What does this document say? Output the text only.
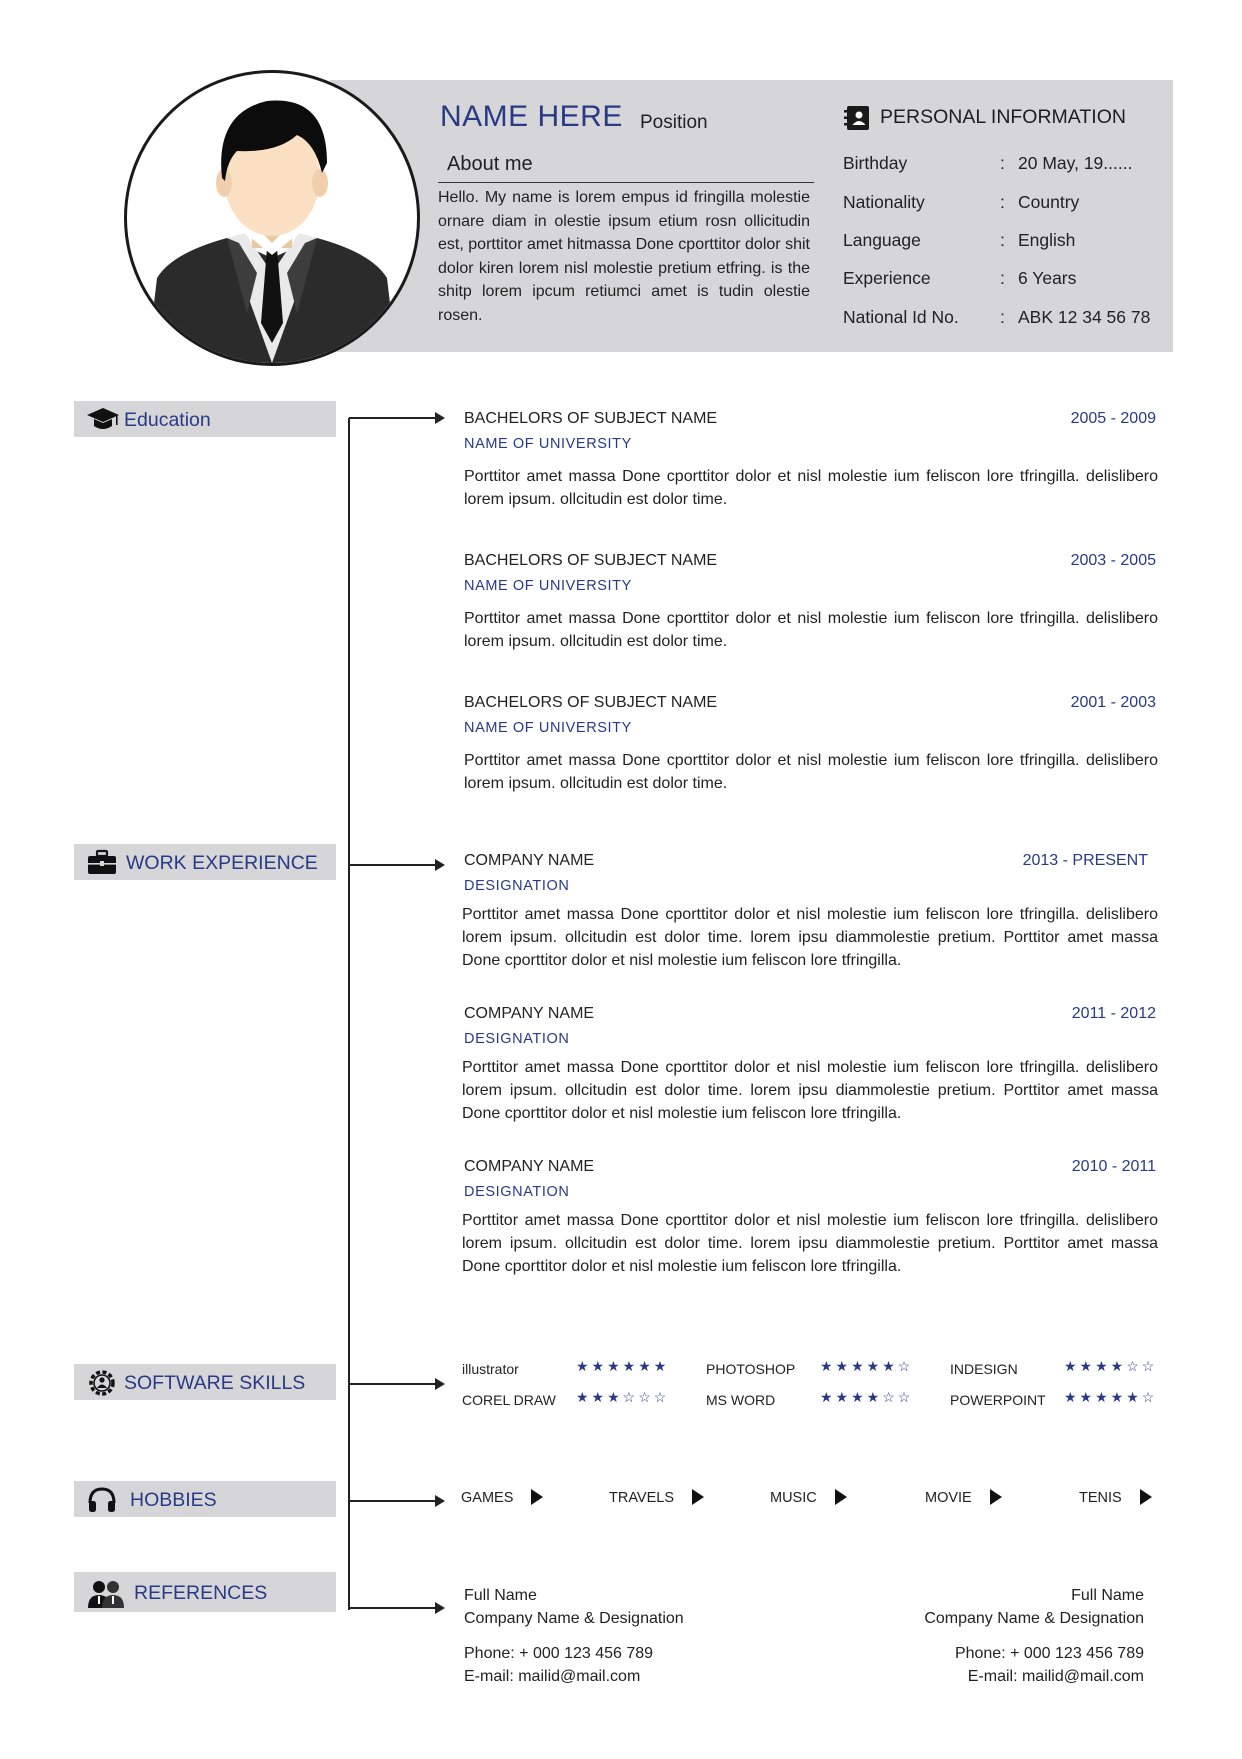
NAME HERE Position
About me
Hello. My name is lorem empus id fringilla molestie ornare diam in olestie ipsum etium rosn ollicitudin est, porttitor amet hitmassa Done cporttitor dolor shit dolor kiren lorem nisl molestie pretium etfring. is the shitp lorem ipcum retiumci amet is tudin olestie rosen.
PERSONAL INFORMATION
Birthday	: 20 May, 19......
Nationality	: Country
Language	: English
Experience	: 6 Years
National Id No. : ABK 12 34 56 78
Education
WORK EXPERIENCE
SOFTWARE SKILLS
HOBBIES
REFERENCES
BACHELORS OF SUBJECT NAME	2005 - 2009
NAME OF UNIVERSITY
Porttitor amet massa Done cporttitor dolor et nisl molestie ium feliscon lore tfringilla. delislibero lorem ipsum. ollcitudin est dolor time.
BACHELORS OF SUBJECT NAME	2003 - 2005
NAME OF UNIVERSITY
Porttitor amet massa Done cporttitor dolor et nisl molestie ium feliscon lore tfringilla. delislibero lorem ipsum. ollcitudin est dolor time.
BACHELORS OF SUBJECT NAME	2001 - 2003
NAME OF UNIVERSITY
Porttitor amet massa Done cporttitor dolor et nisl molestie ium feliscon lore tfringilla. delislibero lorem ipsum. ollcitudin est dolor time.
COMPANY NAME	2013 - PRESENT
DESIGNATION
Porttitor amet massa Done cporttitor dolor et nisl molestie ium feliscon lore tfringilla. delislibero lorem ipsum. ollcitudin est dolor time. lorem ipsu diammolestie pretium. Porttitor amet massa Done cporttitor dolor et nisl molestie ium feliscon lore tfringilla.
COMPANY NAME	2011 - 2012
DESIGNATION
Porttitor amet massa Done cporttitor dolor et nisl molestie ium feliscon lore tfringilla. delislibero lorem ipsum. ollcitudin est dolor time. lorem ipsu diammolestie pretium. Porttitor amet massa Done cporttitor dolor et nisl molestie ium feliscon lore tfringilla.
COMPANY NAME	2010 - 2011
DESIGNATION
Porttitor amet massa Done cporttitor dolor et nisl molestie ium feliscon lore tfringilla. delislibero lorem ipsum. ollcitudin est dolor time. lorem ipsu diammolestie pretium. Porttitor amet massa Done cporttitor dolor et nisl molestie ium feliscon lore tfringilla.
illustrator	★★★★★★	PHOTOSHOP ★★★★★☆	INDESIGN	★★★★☆☆
COREL DRAW ★★★☆☆☆	MS WORD	★★★★☆☆	POWERPOINT ★★★★★☆
GAMES	TRAVELS	MUSIC	MOVIE	TENIS
Full Name
Company Name & Designation
Phone: + 000 123 456 789
E-mail: mailid@mail.com
Full Name
Company Name & Designation
Phone: + 000 123 456 789
E-mail: mailid@mail.com
